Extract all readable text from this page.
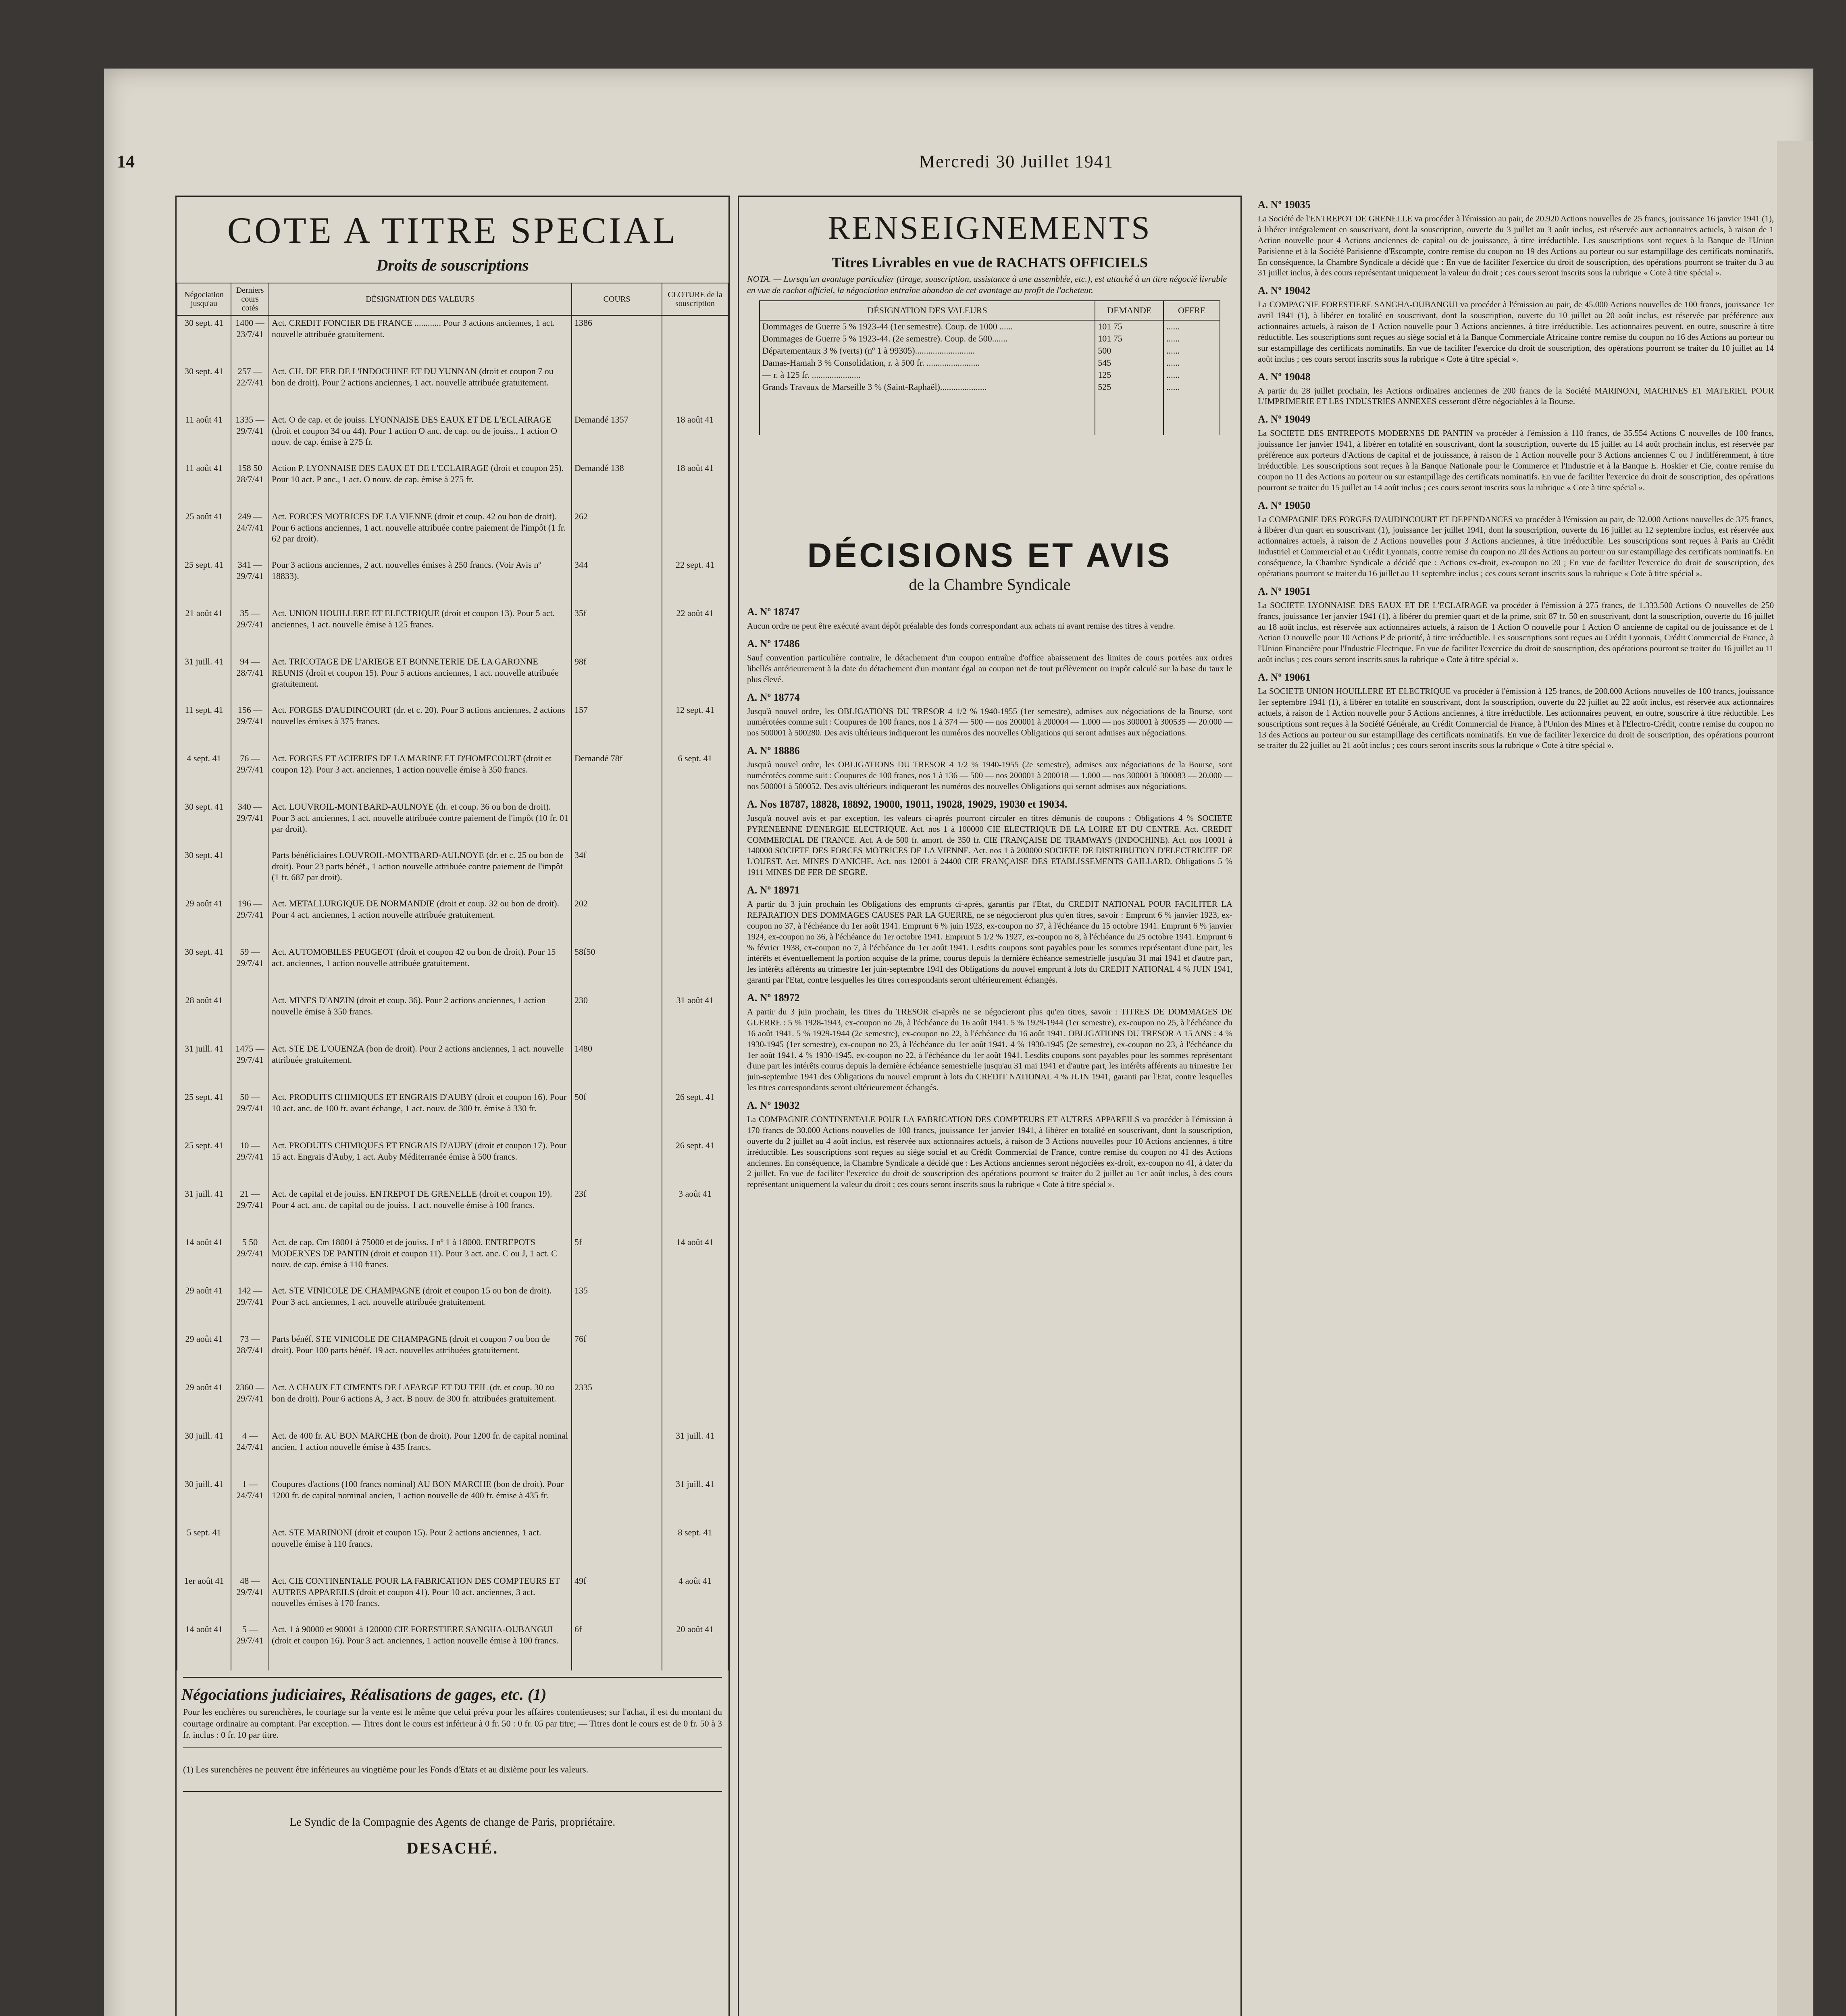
14	Mercredi 30 Juillet 1941
COTE A TITRE SPECIAL
Droits de souscriptions
Négociation jusqu'au	Derniers cours cotés	DÉSIGNATION DES VALEURS	COURS	CLOTURE de la souscription
30 sept. 41	1400 — 23/7/41	Act. CREDIT FONCIER DE FRANCE ............ Pour 3 actions anciennes, 1 act. nouvelle attribuée gratuitement.	1386	
30 sept. 41	257 — 22/7/41	Act. CH. DE FER DE L'INDOCHINE ET DU YUNNAN (droit et coupon 7 ou bon de droit). Pour 2 actions anciennes, 1 act. nouvelle attribuée gratuitement.		
11 août 41	1335 — 29/7/41	Act. O de cap. et de jouiss. LYONNAISE DES EAUX ET DE L'ECLAIRAGE (droit et coupon 34 ou 44). Pour 1 action O anc. de cap. ou de jouiss., 1 action O nouv. de cap. émise à 275 fr.	Demandé 1357	18 août 41
11 août 41	158 50 28/7/41	Action P. LYONNAISE DES EAUX ET DE L'ECLAIRAGE (droit et coupon 25). Pour 10 act. P anc., 1 act. O nouv. de cap. émise à 275 fr.	Demandé 138	18 août 41
25 août 41	249 — 24/7/41	Act. FORCES MOTRICES DE LA VIENNE (droit et coup. 42 ou bon de droit). Pour 6 actions anciennes, 1 act. nouvelle attribuée contre paiement de l'impôt (1 fr. 62 par droit).	262	
25 sept. 41	341 — 29/7/41	Pour 3 actions anciennes, 2 act. nouvelles émises à 250 francs. (Voir Avis nº 18833).	344	22 sept. 41
21 août 41	35 — 29/7/41	Act. UNION HOUILLERE ET ELECTRIQUE (droit et coupon 13). Pour 5 act. anciennes, 1 act. nouvelle émise à 125 francs.	35f	22 août 41
31 juill. 41	94 — 28/7/41	Act. TRICOTAGE DE L'ARIEGE ET BONNETERIE DE LA GARONNE REUNIS (droit et coupon 15). Pour 5 actions anciennes, 1 act. nouvelle attribuée gratuitement.	98f	
11 sept. 41	156 — 29/7/41	Act. FORGES D'AUDINCOURT (dr. et c. 20). Pour 3 actions anciennes, 2 actions nouvelles émises à 375 francs.	157	12 sept. 41
4 sept. 41	76 — 29/7/41	Act. FORGES ET ACIERIES DE LA MARINE ET D'HOMECOURT (droit et coupon 12). Pour 3 act. anciennes, 1 action nouvelle émise à 350 francs.	Demandé 78f	6 sept. 41
30 sept. 41	340 — 29/7/41	Act. LOUVROIL-MONTBARD-AULNOYE (dr. et coup. 36 ou bon de droit). Pour 3 act. anciennes, 1 act. nouvelle attribuée contre paiement de l'impôt (10 fr. 01 par droit).		
30 sept. 41		Parts bénéficiaires LOUVROIL-MONTBARD-AULNOYE (dr. et c. 25 ou bon de droit). Pour 23 parts bénéf., 1 action nouvelle attribuée contre paiement de l'impôt (1 fr. 687 par droit).	34f	
29 août 41	196 — 29/7/41	Act. METALLURGIQUE DE NORMANDIE (droit et coup. 32 ou bon de droit). Pour 4 act. anciennes, 1 action nouvelle attribuée gratuitement.	202	
30 sept. 41	59 — 29/7/41	Act. AUTOMOBILES PEUGEOT (droit et coupon 42 ou bon de droit). Pour 15 act. anciennes, 1 action nouvelle attribuée gratuitement.	58f50	
28 août 41		Act. MINES D'ANZIN (droit et coup. 36). Pour 2 actions anciennes, 1 action nouvelle émise à 350 francs.	230	31 août 41
31 juill. 41	1475 — 29/7/41	Act. STE DE L'OUENZA (bon de droit). Pour 2 actions anciennes, 1 act. nouvelle attribuée gratuitement.	1480	
25 sept. 41	50 — 29/7/41	Act. PRODUITS CHIMIQUES ET ENGRAIS D'AUBY (droit et coupon 16). Pour 10 act. anc. de 100 fr. avant échange, 1 act. nouv. de 300 fr. émise à 330 fr.	50f	26 sept. 41
25 sept. 41	10 — 29/7/41	Act. PRODUITS CHIMIQUES ET ENGRAIS D'AUBY (droit et coupon 17). Pour 15 act. Engrais d'Auby, 1 act. Auby Méditerranée émise à 500 francs.		26 sept. 41
31 juill. 41	21 — 29/7/41	Act. de capital et de jouiss. ENTREPOT DE GRENELLE (droit et coupon 19). Pour 4 act. anc. de capital ou de jouiss. 1 act. nouvelle émise à 100 francs.	23f	3 août 41
14 août 41	5 50 29/7/41	Act. de cap. Cm 18001 à 75000 et de jouiss. J nº 1 à 18000. ENTREPOTS MODERNES DE PANTIN (droit et coupon 11). Pour 3 act. anc. C ou J, 1 act. C nouv. de cap. émise à 110 francs.	5f	14 août 41
29 août 41	142 — 29/7/41	Act. STE VINICOLE DE CHAMPAGNE (droit et coupon 15 ou bon de droit). Pour 3 act. anciennes, 1 act. nouvelle attribuée gratuitement.	135	
29 août 41	73 — 28/7/41	Parts bénéf. STE VINICOLE DE CHAMPAGNE (droit et coupon 7 ou bon de droit). Pour 100 parts bénéf. 19 act. nouvelles attribuées gratuitement.	76f	
29 août 41	2360 — 29/7/41	Act. A CHAUX ET CIMENTS DE LAFARGE ET DU TEIL (dr. et coup. 30 ou bon de droit). Pour 6 actions A, 3 act. B nouv. de 300 fr. attribuées gratuitement.	2335	
30 juill. 41	4 — 24/7/41	Act. de 400 fr. AU BON MARCHE (bon de droit). Pour 1200 fr. de capital nominal ancien, 1 action nouvelle émise à 435 francs.		31 juill. 41
30 juill. 41	1 — 24/7/41	Coupures d'actions (100 francs nominal) AU BON MARCHE (bon de droit). Pour 1200 fr. de capital nominal ancien, 1 action nouvelle de 400 fr. émise à 435 fr.		31 juill. 41
5 sept. 41		Act. STE MARINONI (droit et coupon 15). Pour 2 actions anciennes, 1 act. nouvelle émise à 110 francs.		8 sept. 41
1er août 41	48 — 29/7/41	Act. CIE CONTINENTALE POUR LA FABRICATION DES COMPTEURS ET AUTRES APPAREILS (droit et coupon 41). Pour 10 act. anciennes, 3 act. nouvelles émises à 170 francs.	49f	4 août 41
14 août 41	5 — 29/7/41	Act. 1 à 90000 et 90001 à 120000 CIE FORESTIERE SANGHA-OUBANGUI (droit et coupon 16). Pour 3 act. anciennes, 1 action nouvelle émise à 100 francs.	6f	20 août 41
Négociations judiciaires, Réalisations de gages, etc. (1)
Pour les enchères ou surenchères, le courtage sur la vente est le même que celui prévu pour les affaires contentieuses; sur l'achat, il est du montant du courtage ordinaire au comptant. Par exception. — Titres dont le cours est inférieur à 0 fr. 50 : 0 fr. 05 par titre; — Titres dont le cours est de 0 fr. 50 à 3 fr. inclus : 0 fr. 10 par titre.
(1) Les surenchères ne peuvent être inférieures au vingtième pour les Fonds d'Etats et au dixième pour les valeurs.
Le Syndic de la Compagnie des Agents de change de Paris, propriétaire.
DESACHÉ.
RENSEIGNEMENTS
Titres Livrables en vue de RACHATS OFFICIELS
NOTA. — Lorsqu'un avantage particulier (tirage, souscription, assistance à une assemblée, etc.), est attaché à un titre négocié livrable en vue de rachat officiel, la négociation entraîne abandon de cet avantage au profit de l'acheteur.
DÉSIGNATION DES VALEURS	DEMANDE	OFFRE
Dommages de Guerre 5 % 1923-44 (1er semestre). Coup. de 1000 ......	101 75	......
Dommages de Guerre 5 % 1923-44. (2e semestre). Coup. de 500.......	101 75	......
Départementaux 3 % (verts) (nº 1 à 99305)...........................	500	......
Damas-Hamah 3 % Consolidation, r. à 500 fr. ........................	545	......
— r. à 125 fr. ......................	125	......
Grands Travaux de Marseille 3 % (Saint-Raphaël).....................	525	......

DÉCISIONS ET AVIS
de la Chambre Syndicale
A. Nº 18747
Aucun ordre ne peut être exécuté avant dépôt préalable des fonds correspondant aux achats ni avant remise des titres à vendre.
A. Nº 17486
Sauf convention particulière contraire, le détachement d'un coupon entraîne d'office abaissement des limites de cours portées aux ordres libellés antérieurement à la date du détachement d'un montant égal au coupon net de tout prélèvement ou impôt calculé sur la base du taux le plus élevé.
A. Nº 18774
Jusqu'à nouvel ordre, les OBLIGATIONS DU TRESOR 4 1/2 % 1940-1955 (1er semestre), admises aux négociations de la Bourse, sont numérotées comme suit : Coupures de 100 francs, nos 1 à 374 — 500 — nos 200001 à 200004 — 1.000 — nos 300001 à 300535 — 20.000 — nos 500001 à 500280. Des avis ultérieurs indiqueront les numéros des nouvelles Obligations qui seront admises aux négociations.
A. Nº 18886
Jusqu'à nouvel ordre, les OBLIGATIONS DU TRESOR 4 1/2 % 1940-1955 (2e semestre), admises aux négociations de la Bourse, sont numérotées comme suit : Coupures de 100 francs, nos 1 à 136 — 500 — nos 200001 à 200018 — 1.000 — nos 300001 à 300083 — 20.000 — nos 500001 à 500052. Des avis ultérieurs indiqueront les numéros des nouvelles Obligations qui seront admises aux négociations.
A. Nos 18787, 18828, 18892, 19000, 19011, 19028, 19029, 19030 et 19034.
Jusqu'à nouvel avis et par exception, les valeurs ci-après pourront circuler en titres démunis de coupons : Obligations 4 % SOCIETE PYRENEENNE D'ENERGIE ELECTRIQUE. Act. nos 1 à 100000 CIE ELECTRIQUE DE LA LOIRE ET DU CENTRE. Act. CREDIT COMMERCIAL DE FRANCE. Act. A de 500 fr. amort. de 350 fr. CIE FRANÇAISE DE TRAMWAYS (INDOCHINE). Act. nos 10001 à 140000 SOCIETE DES FORCES MOTRICES DE LA VIENNE. Act. nos 1 à 200000 SOCIETE DE DISTRIBUTION D'ELECTRICITE DE L'OUEST. Act. MINES D'ANICHE. Act. nos 12001 à 24400 CIE FRANÇAISE DES ETABLISSEMENTS GAILLARD. Obligations 5 % 1911 MINES DE FER DE SEGRE.
A. Nº 18971
A partir du 3 juin prochain les Obligations des emprunts ci-après, garantis par l'Etat, du CREDIT NATIONAL POUR FACILITER LA REPARATION DES DOMMAGES CAUSES PAR LA GUERRE, ne se négocieront plus qu'en titres, savoir : Emprunt 6 % janvier 1923, ex-coupon no 37, à l'échéance du 1er août 1941. Emprunt 6 % juin 1923, ex-coupon no 37, à l'échéance du 15 octobre 1941. Emprunt 6 % janvier 1924, ex-coupon no 36, à l'échéance du 1er octobre 1941. Emprunt 5 1/2 % 1927, ex-coupon no 8, à l'échéance du 25 octobre 1941. Emprunt 6 % février 1938, ex-coupon no 7, à l'échéance du 1er août 1941. Lesdits coupons sont payables pour les sommes représentant d'une part, les intérêts et éventuellement la portion acquise de la prime, courus depuis la dernière échéance semestrielle jusqu'au 31 mai 1941 et d'autre part, les intérêts afférents au trimestre 1er juin-septembre 1941 des Obligations du nouvel emprunt à lots du CREDIT NATIONAL 4 % JUIN 1941, garanti par l'Etat, contre lesquelles les titres correspondants seront ultérieurement échangés.
A. Nº 18972
A partir du 3 juin prochain, les titres du TRESOR ci-après ne se négocieront plus qu'en titres, savoir : TITRES DE DOMMAGES DE GUERRE : 5 % 1928-1943, ex-coupon no 26, à l'échéance du 16 août 1941. 5 % 1929-1944 (1er semestre), ex-coupon no 25, à l'échéance du 16 août 1941. 5 % 1929-1944 (2e semestre), ex-coupon no 22, à l'échéance du 16 août 1941. OBLIGATIONS DU TRESOR A 15 ANS : 4 % 1930-1945 (1er semestre), ex-coupon no 23, à l'échéance du 1er août 1941. 4 % 1930-1945 (2e semestre), ex-coupon no 23, à l'échéance du 1er août 1941. 4 % 1930-1945, ex-coupon no 22, à l'échéance du 1er août 1941. Lesdits coupons sont payables pour les sommes représentant d'une part les intérêts courus depuis la dernière échéance semestrielle jusqu'au 31 mai 1941 et d'autre part, les intérêts afférents au trimestre 1er juin-septembre 1941 des Obligations du nouvel emprunt à lots du CREDIT NATIONAL 4 % JUIN 1941, garanti par l'Etat, contre lesquelles les titres correspondants seront ultérieurement échangés.
A. Nº 19032
La COMPAGNIE CONTINENTALE POUR LA FABRICATION DES COMPTEURS ET AUTRES APPAREILS va procéder à l'émission à 170 francs de 30.000 Actions nouvelles de 100 francs, jouissance 1er janvier 1941, à libérer en totalité en souscrivant, dont la souscription, ouverte du 2 juillet au 4 août inclus, est réservée aux actionnaires actuels, à raison de 3 Actions nouvelles pour 10 Actions anciennes, à titre irréductible. Les souscriptions sont reçues au siège social et au Crédit Commercial de France, contre remise du coupon no 41 des Actions anciennes. En conséquence, la Chambre Syndicale a décidé que : Les Actions anciennes seront négociées ex-droit, ex-coupon no 41, à dater du 2 juillet. En vue de faciliter l'exercice du droit de souscription des opérations pourront se traiter du 2 juillet au 1er août inclus, à des cours représentant uniquement la valeur du droit ; ces cours seront inscrits sous la rubrique « Cote à titre spécial ».
A. Nº 19035
La Société de l'ENTREPOT DE GRENELLE va procéder à l'émission au pair, de 20.920 Actions nouvelles de 25 francs, jouissance 16 janvier 1941 (1), à libérer intégralement en souscrivant, dont la souscription, ouverte du 3 juillet au 3 août inclus, est réservée aux actionnaires actuels, à raison de 1 Action nouvelle pour 4 Actions anciennes de capital ou de jouissance, à titre irréductible. Les souscriptions sont reçues à la Banque de l'Union Parisienne et à la Société Parisienne d'Escompte, contre remise du coupon no 19 des Actions au porteur ou sur estampillage des certificats nominatifs. En conséquence, la Chambre Syndicale a décidé que : En vue de faciliter l'exercice du droit de souscription, des opérations pourront se traiter du 3 au 31 juillet inclus, à des cours représentant uniquement la valeur du droit ; ces cours seront inscrits sous la rubrique « Cote à titre spécial ».
A. Nº 19042
La COMPAGNIE FORESTIERE SANGHA-OUBANGUI va procéder à l'émission au pair, de 45.000 Actions nouvelles de 100 francs, jouissance 1er avril 1941 (1), à libérer en totalité en souscrivant, dont la souscription, ouverte du 10 juillet au 20 août inclus, est réservée par préférence aux actionnaires actuels, à raison de 1 Action nouvelle pour 3 Actions anciennes, à titre irréductible. Les actionnaires peuvent, en outre, souscrire à titre réductible. Les souscriptions sont reçues au siège social et à la Banque Commerciale Africaine contre remise du coupon no 16 des Actions au porteur ou sur estampillage des certificats nominatifs. En vue de faciliter l'exercice du droit de souscription, des opérations pourront se traiter du 10 juillet au 14 août inclus ; ces cours seront inscrits sous la rubrique « Cote à titre spécial ».
A. Nº 19048
A partir du 28 juillet prochain, les Actions ordinaires anciennes de 200 francs de la Société MARINONI, MACHINES ET MATERIEL POUR L'IMPRIMERIE ET LES INDUSTRIES ANNEXES cesseront d'être négociables à la Bourse.
A. Nº 19049
La SOCIETE DES ENTREPOTS MODERNES DE PANTIN va procéder à l'émission à 110 francs, de 35.554 Actions C nouvelles de 100 francs, jouissance 1er janvier 1941, à libérer en totalité en souscrivant, dont la souscription, ouverte du 15 juillet au 14 août prochain inclus, est réservée par préférence aux porteurs d'Actions de capital et de jouissance, à raison de 1 Action nouvelle pour 3 Actions anciennes C ou J indifféremment, à titre irréductible. Les souscriptions sont reçues à la Banque Nationale pour le Commerce et l'Industrie et à la Banque E. Hoskier et Cie, contre remise du coupon no 11 des Actions au porteur ou sur estampillage des certificats nominatifs. En vue de faciliter l'exercice du droit de souscription, des opérations pourront se traiter du 15 juillet au 14 août inclus ; ces cours seront inscrits sous la rubrique « Cote à titre spécial ».
A. Nº 19050
La COMPAGNIE DES FORGES D'AUDINCOURT ET DEPENDANCES va procéder à l'émission au pair, de 32.000 Actions nouvelles de 375 francs, à libérer d'un quart en souscrivant (1), jouissance 1er juillet 1941, dont la souscription, ouverte du 16 juillet au 12 septembre inclus, est réservée aux actionnaires actuels, à raison de 2 Actions nouvelles pour 3 Actions anciennes, à titre irréductible. Les souscriptions sont reçues à Paris au Crédit Industriel et Commercial et au Crédit Lyonnais, contre remise du coupon no 20 des Actions au porteur ou sur estampillage des certificats nominatifs. En conséquence, la Chambre Syndicale a décidé que : Actions ex-droit, ex-coupon no 20 ; En vue de faciliter l'exercice du droit de souscription, des opérations pourront se traiter du 16 juillet au 11 septembre inclus ; ces cours seront inscrits sous la rubrique « Cote à titre spécial ».
A. Nº 19051
La SOCIETE LYONNAISE DES EAUX ET DE L'ECLAIRAGE va procéder à l'émission à 275 francs, de 1.333.500 Actions O nouvelles de 250 francs, jouissance 1er janvier 1941 (1), à libérer du premier quart et de la prime, soit 87 fr. 50 en souscrivant, dont la souscription, ouverte du 16 juillet au 18 août inclus, est réservée aux actionnaires actuels, à raison de 1 Action O nouvelle pour 1 Action O ancienne de capital ou de jouissance et de 1 Action O nouvelle pour 10 Actions P de priorité, à titre irréductible. Les souscriptions sont reçues au Crédit Lyonnais, Crédit Commercial de France, à l'Union Financière pour l'Industrie Electrique. En vue de faciliter l'exercice du droit de souscription, des opérations pourront se traiter du 16 juillet au 11 août inclus ; ces cours seront inscrits sous la rubrique « Cote à titre spécial ».
A. Nº 19061
La SOCIETE UNION HOUILLERE ET ELECTRIQUE va procéder à l'émission à 125 francs, de 200.000 Actions nouvelles de 100 francs, jouissance 1er septembre 1941 (1), à libérer en totalité en souscrivant, dont la souscription, ouverte du 22 juillet au 22 août inclus, est réservée aux actionnaires actuels, à raison de 1 Action nouvelle pour 5 Actions anciennes, à titre irréductible. Les actionnaires peuvent, en outre, souscrire à titre réductible. Les souscriptions sont reçues à la Société Générale, au Crédit Commercial de France, à l'Union des Mines et à l'Electro-Crédit, contre remise du coupon no 13 des Actions au porteur ou sur estampillage des certificats nominatifs. En vue de faciliter l'exercice du droit de souscription, des opérations pourront se traiter du 22 juillet au 21 août inclus ; ces cours seront inscrits sous la rubrique « Cote à titre spécial ».
